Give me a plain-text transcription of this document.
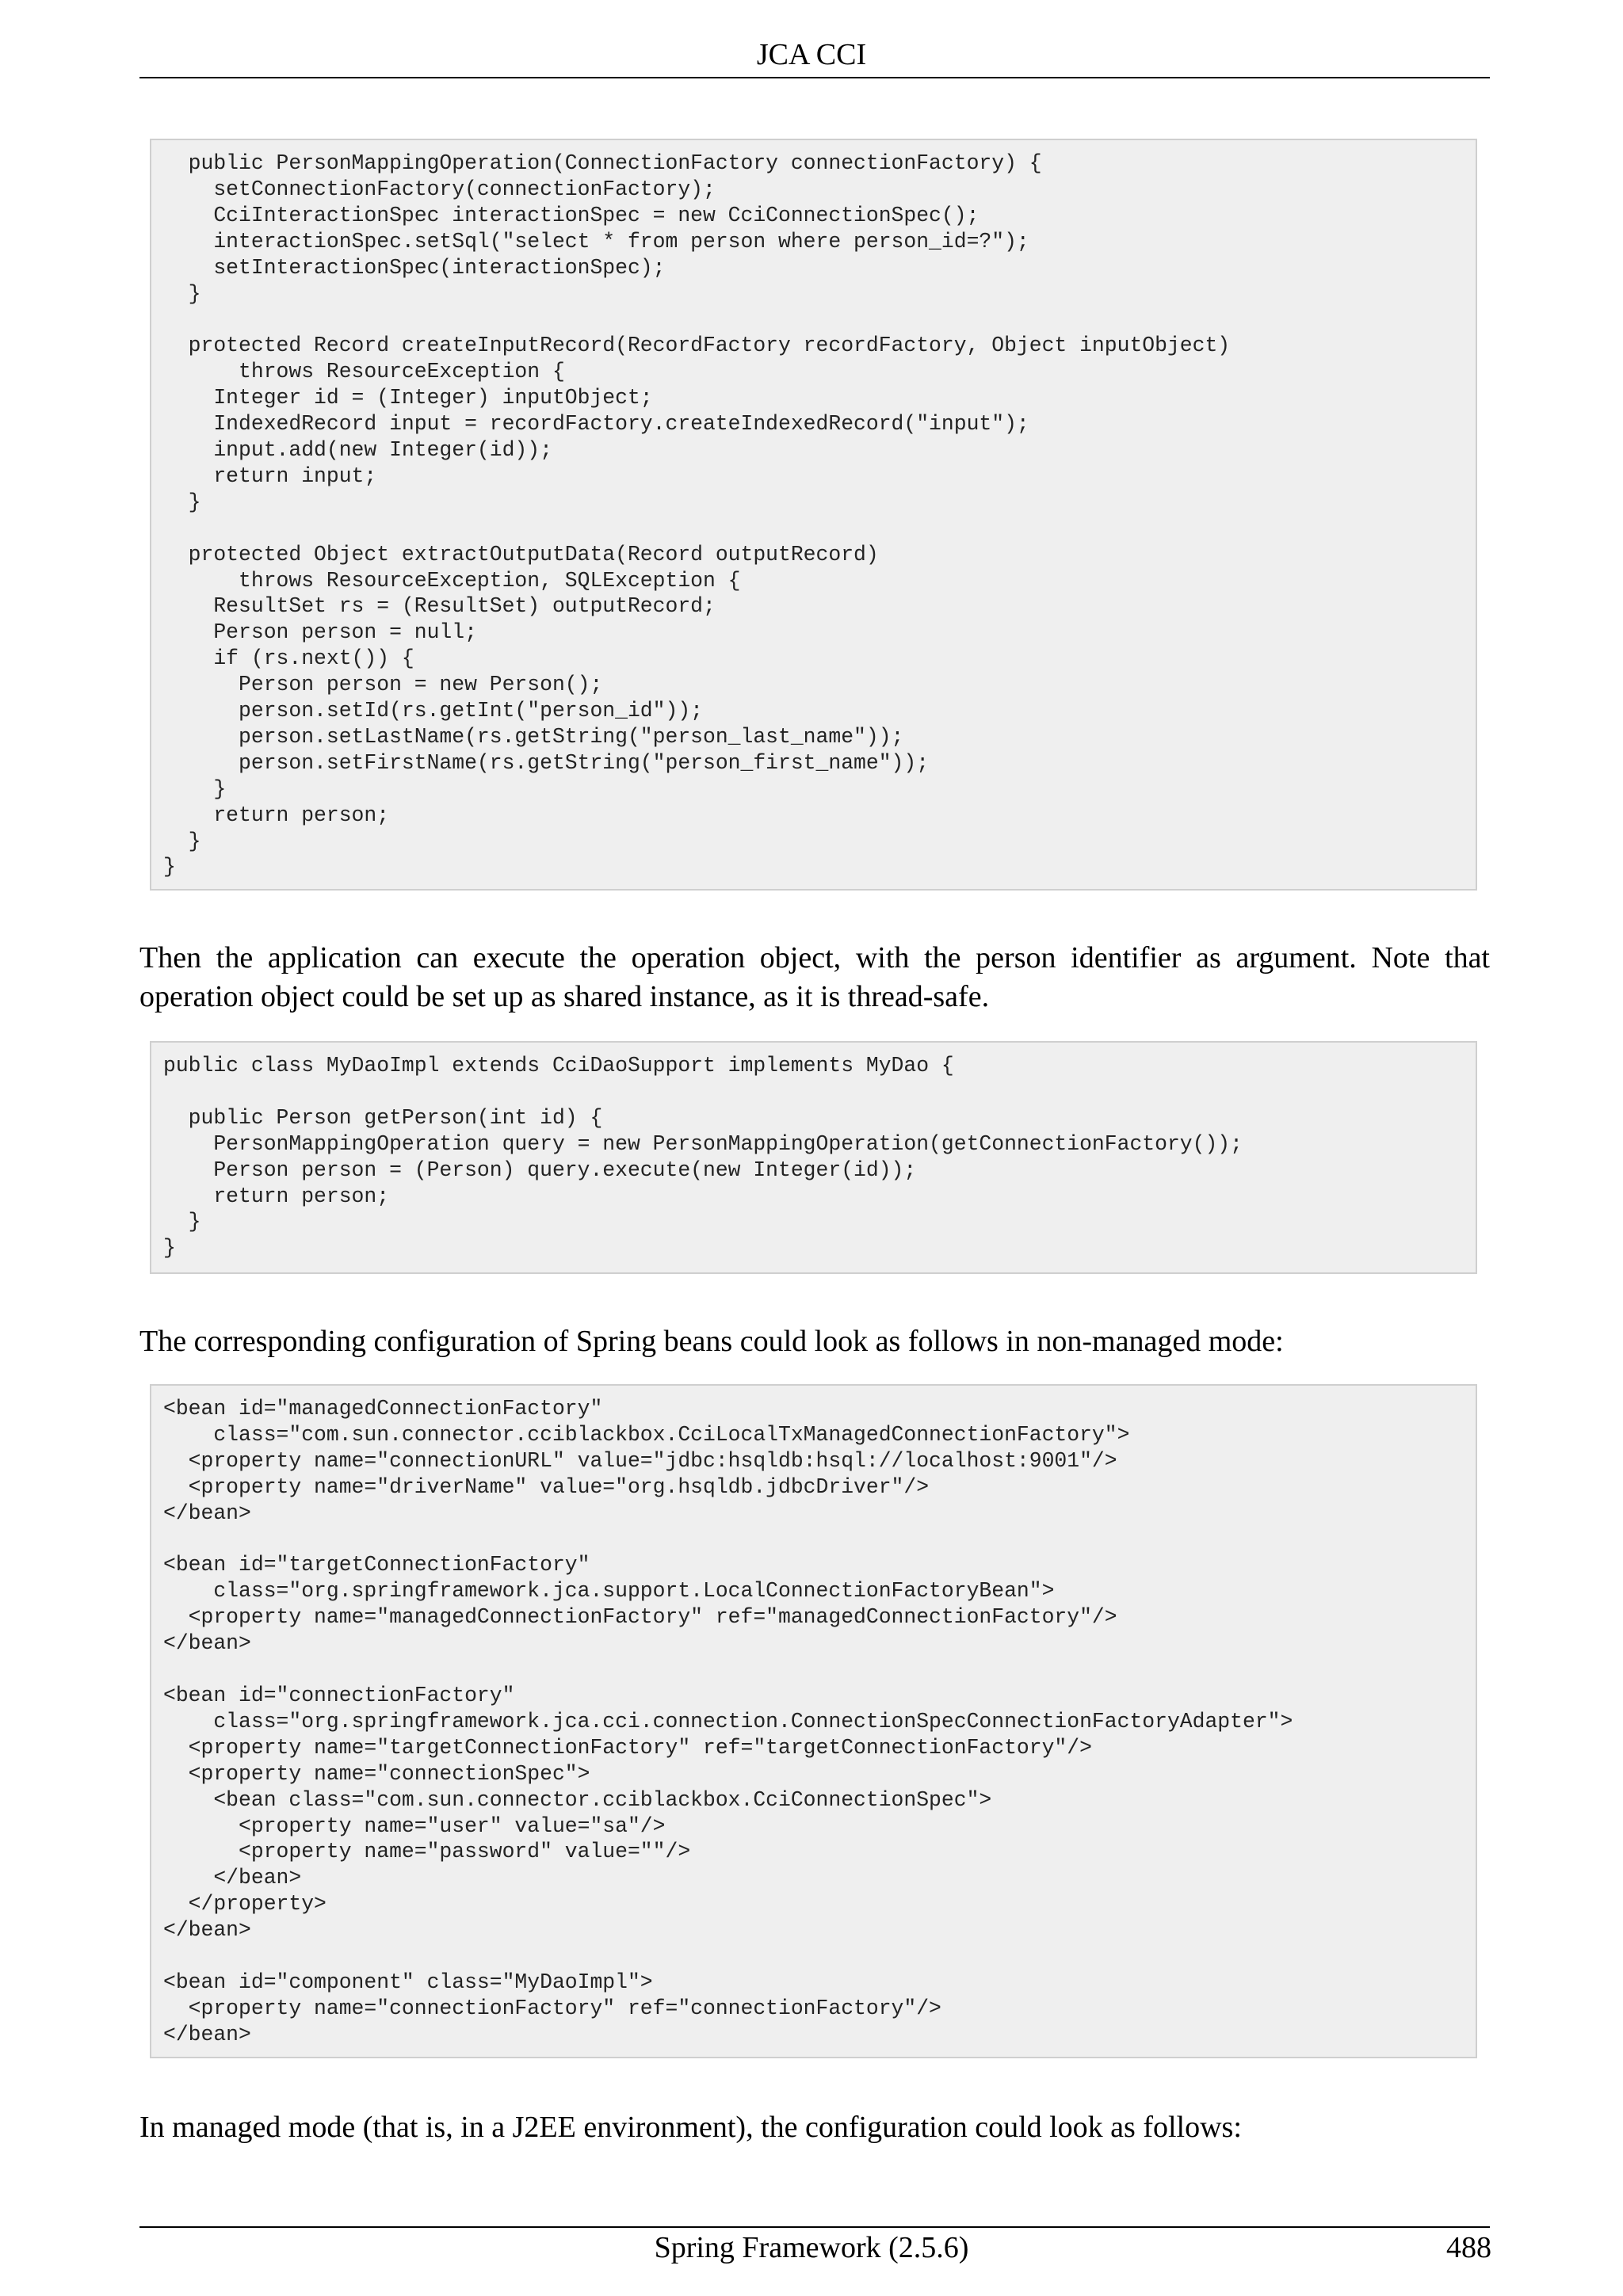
JCA CCI
public PersonMappingOperation(ConnectionFactory connectionFactory) {
setConnectionFactory(connectionFactory);
CciInteractionSpec interactionSpec = new CciConnectionSpec();
interactionSpec.setSql("select * from person where person_id=?");
setInteractionSpec(interactionSpec);
}

protected Record createInputRecord(RecordFactory recordFactory, Object inputObject)
throws ResourceException {
Integer id = (Integer) inputObject;
IndexedRecord input = recordFactory.createIndexedRecord("input");
input.add(new Integer(id));
return input;
}

protected Object extractOutputData(Record outputRecord)
throws ResourceException, SQLException {
ResultSet rs = (ResultSet) outputRecord;
Person person = null;
if (rs.next()) {
Person person = new Person();
person.setId(rs.getInt("person_id"));
person.setLastName(rs.getString("person_last_name"));
person.setFirstName(rs.getString("person_first_name"));
}
return person;
}
}

Then the application can execute the operation object, with the person identifier as argument. Note that operation object could be set up as shared instance, as it is thread-safe.

public class MyDaoImpl extends CciDaoSupport implements MyDao {

public Person getPerson(int id) {
PersonMappingOperation query = new PersonMappingOperation(getConnectionFactory());
Person person = (Person) query.execute(new Integer(id));
return person;
}
}

The corresponding configuration of Spring beans could look as follows in non-managed mode:

<bean id="managedConnectionFactory"
class="com.sun.connector.cciblackbox.CciLocalTxManagedConnectionFactory">
<property name="connectionURL" value="jdbc:hsqldb:hsql://localhost:9001"/>
<property name="driverName" value="org.hsqldb.jdbcDriver"/>
</bean>

<bean id="targetConnectionFactory"
class="org.springframework.jca.support.LocalConnectionFactoryBean">
<property name="managedConnectionFactory" ref="managedConnectionFactory"/>
</bean>

<bean id="connectionFactory"
class="org.springframework.jca.cci.connection.ConnectionSpecConnectionFactoryAdapter">
<property name="targetConnectionFactory" ref="targetConnectionFactory"/>
<property name="connectionSpec">
<bean class="com.sun.connector.cciblackbox.CciConnectionSpec">
<property name="user" value="sa"/>
<property name="password" value=""/>
</bean>
</property>
</bean>

<bean id="component" class="MyDaoImpl">
<property name="connectionFactory" ref="connectionFactory"/>
</bean>

In managed mode (that is, in a J2EE environment), the configuration could look as follows:

Spring Framework (2.5.6)	488
